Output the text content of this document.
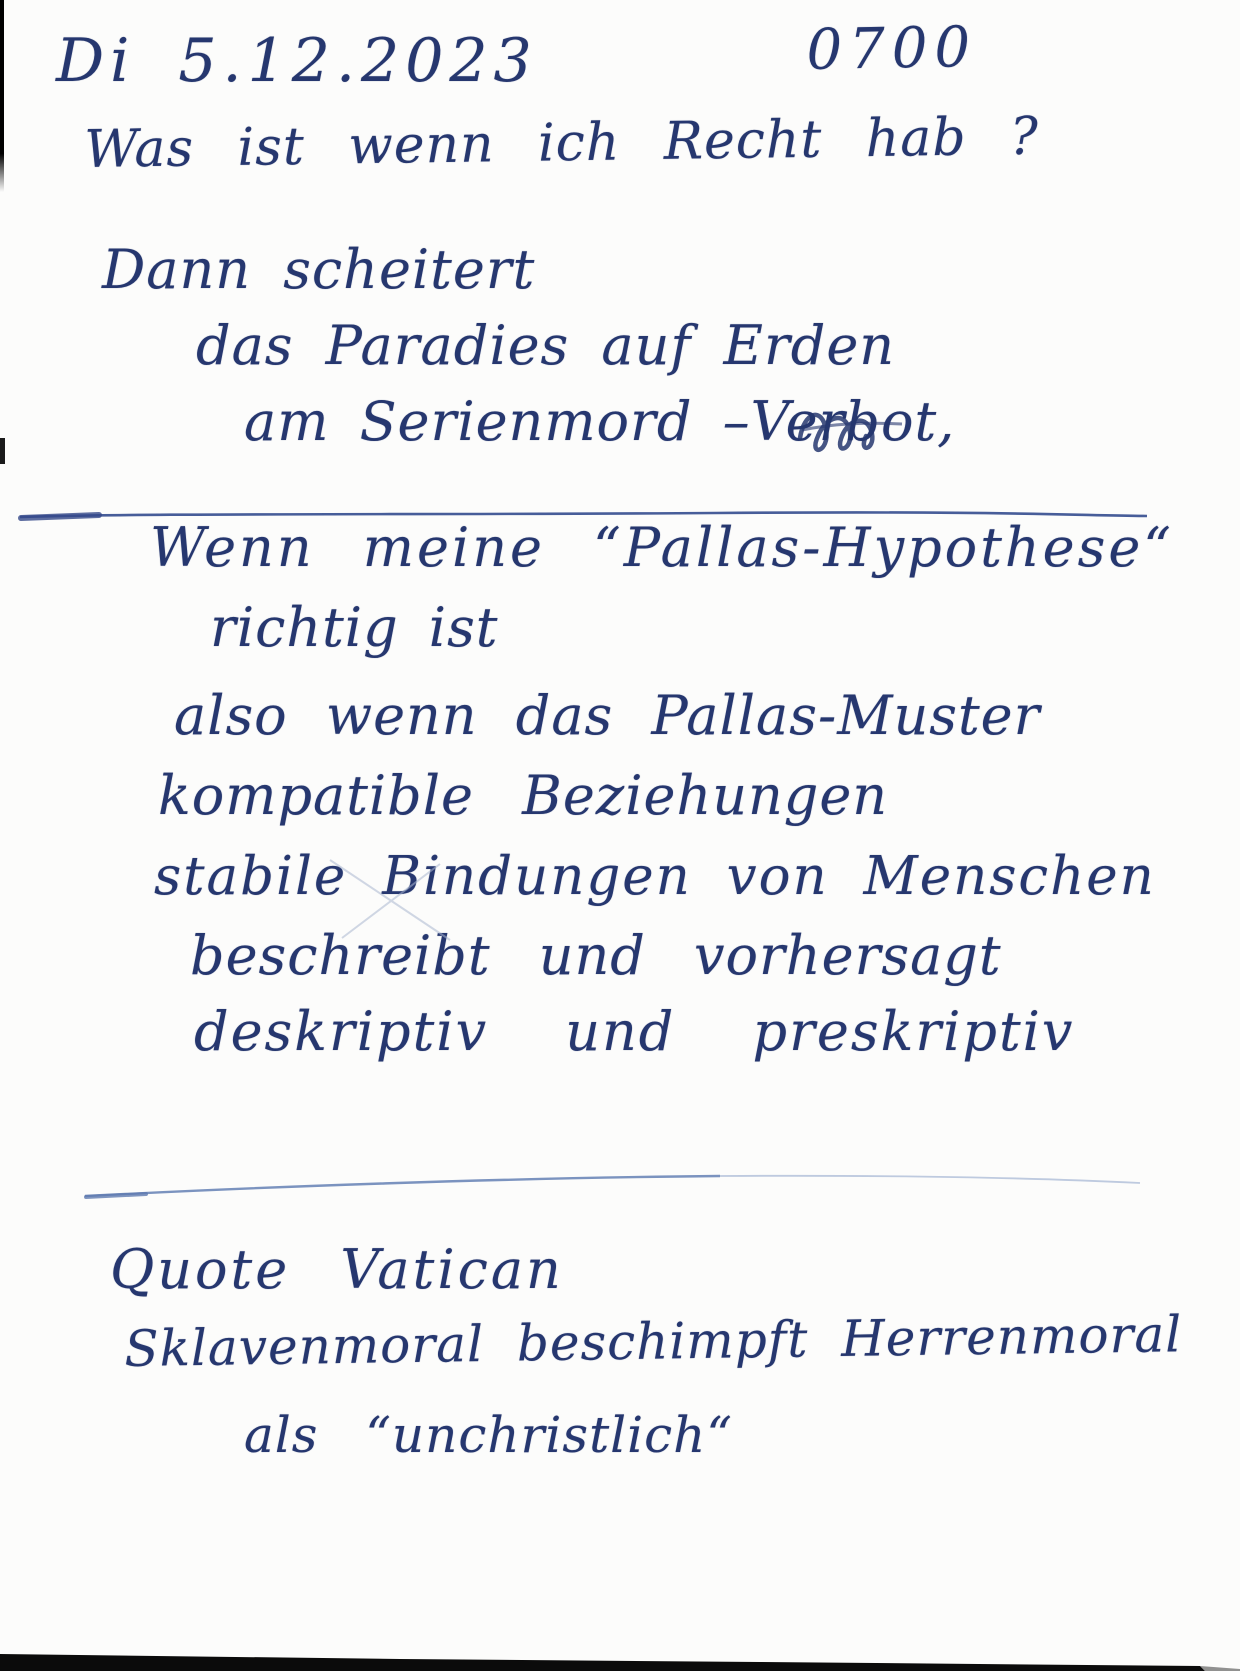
Di 5.12.2023	0700
Was ist wenn ich Recht hab ?
Dann scheitert
das Paradies auf Erden
am Serienmord –Verbot,
Wenn meine “Pallas-Hypothese“
richtig ist
also wenn das Pallas-Muster
kompatible Beziehungen
stabile Bindungen von Menschen
beschreibt und vorhersagt
deskriptiv und preskriptiv
Quote Vatican
Sklavenmoral beschimpft Herrenmoral
als “unchristlich“
